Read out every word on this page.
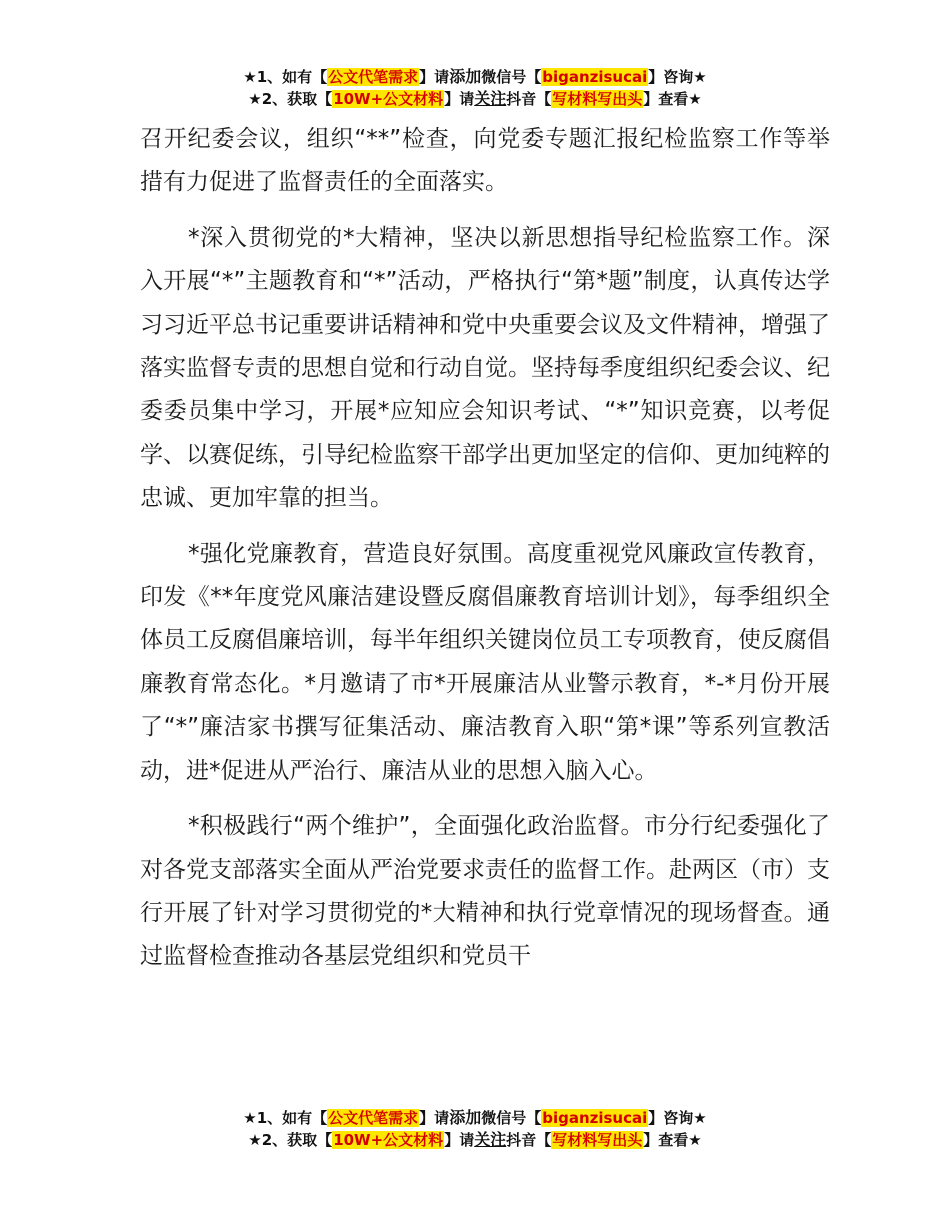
★1、如有【公文代笔需求】请添加微信号【biganzisucai】咨询★
★2、获取【10W+公文材料】请关注抖音【写材料写出头】查看★

召开纪委会议，组织“**”检查，向党委专题汇报纪检监察工作等举措有力促进了监督责任的全面落实。

*深入贯彻党的*大精神，坚决以新思想指导纪检监察工作。深入开展“*”主题教育和“*”活动，严格执行“第*题”制度，认真传达学习习近平总书记重要讲话精神和党中央重要会议及文件精神，增强了落实监督专责的思想自觉和行动自觉。坚持每季度组织纪委会议、纪委委员集中学习，开展*应知应会知识考试、“*”知识竞赛，以考促学、以赛促练，引导纪检监察干部学出更加坚定的信仰、更加纯粹的忠诚、更加牢靠的担当。

*强化党廉教育，营造良好氛围。高度重视党风廉政宣传教育，印发《**年度党风廉洁建设暨反腐倡廉教育培训计划》，每季组织全体员工反腐倡廉培训，每半年组织关键岗位员工专项教育，使反腐倡廉教育常态化。*月邀请了市*开展廉洁从业警示教育，*-*月份开展了“*”廉洁家书撰写征集活动、廉洁教育入职“第*课”等系列宣教活动，进*促进从严治行、廉洁从业的思想入脑入心。

*积极践行“两个维护”，全面强化政治监督。市分行纪委强化了对各党支部落实全面从严治党要求责任的监督工作。赴两区（市）支行开展了针对学习贯彻党的*大精神和执行党章情况的现场督查。通过监督检查推动各基层党组织和党员干

★1、如有【公文代笔需求】请添加微信号【biganzisucai】咨询★
★2、获取【10W+公文材料】请关注抖音【写材料写出头】查看★
